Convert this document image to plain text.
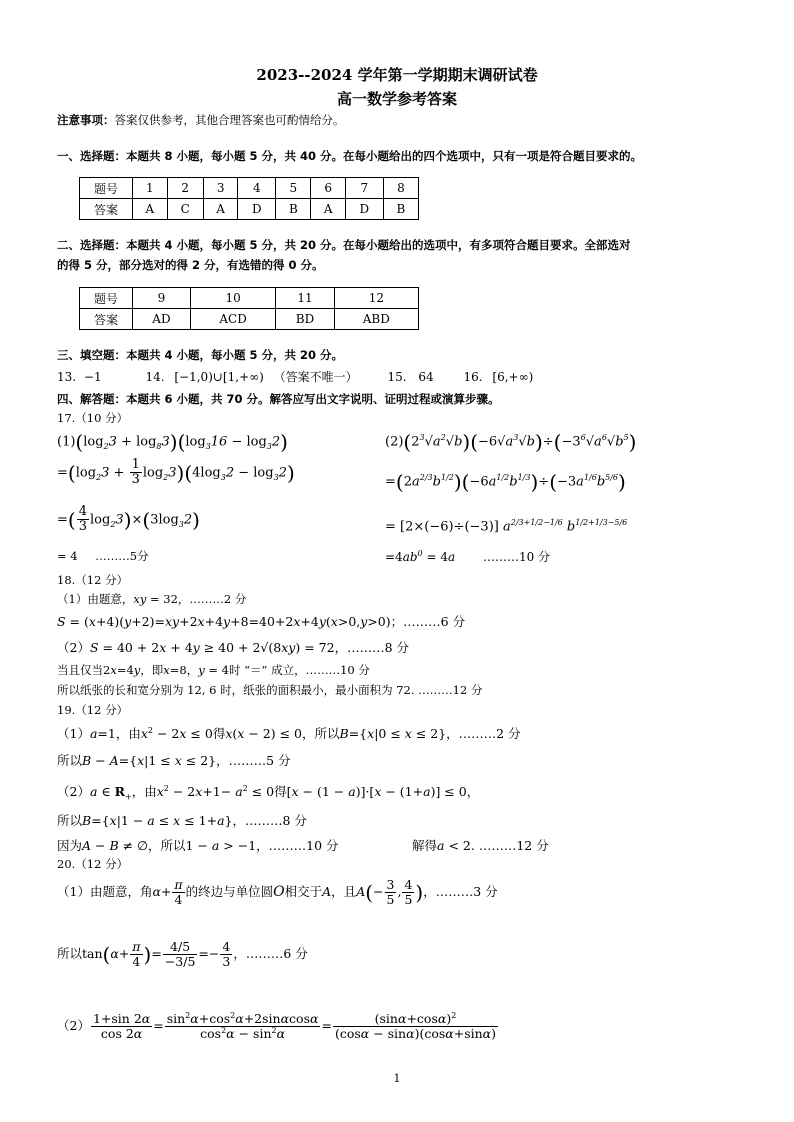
2023--2024 学年第一学期期末调研试卷
高一数学参考答案
注意事项：答案仅供参考，其他合理答案也可酌情给分。
一、选择题：本题共 8 小题，每小题 5 分，共 40 分。在每小题给出的四个选项中，只有一项是符合题目要求的。
题号	1	2	3	4	5	6	7	8
答案	A	C	A	D	B	A	D	B
二、选择题：本题共 4 小题，每小题 5 分，共 20 分。在每小题给出的选项中，有多项符合题目要求。全部选对
的得 5 分，部分选对的得 2 分，有选错的得 0 分。
题号	9	10	11	12
答案	AD	ACD	BD	ABD
三、填空题：本题共 4 小题，每小题 5 分，共 20 分。
13. −1	14. [−1,0)∪[1,+∞) （答案不唯一） 15. 64 16. [6,+∞)
四、解答题：本题共 6 小题，共 70 分。解答应写出文字说明、证明过程或演算步骤。
17.（10 分）
$(1)(\log_23 + \log_83)(\log_316 - \log_32)$
$=(\log_23 + \frac{1}{3} \log_23)(4\log_32 - \log_32)$
=( $\frac{4}{3} \log_23)\times(3\log_32)$
= 4 ………5分
$(2)(2^3√a^2√b)(-6√a^3√b)\div(-3^6√a^6√b^5)$
$=(2a^{2/3}b^{1/2})(-6a^{1/2}b^{1/3})\div(-3a^{1/6}b^{5/6})$
= [2×(−6)÷(−3)] $a^{2/3+1/2-1/6}$ $b^{1/2+1/3-5/6}$
$=4ab^0 = 4a$ ………10 分
18.（12 分）
（1）由题意，xy = 32，………2 分
S = (x+4)(y+2)=xy+2x+4y+8=40+2x+4y(x>0,y>0)；………6 分
（2）S = 40 + 2x + 4y ≥ 40 + 2√(8xy) = 72，………8 分
当且仅当2x=4y，即x=8，y = 4时 “＝” 成立，………10 分
所以纸张的长和宽分别为 12, 6 时，纸张的面积最小，最小面积为 72. ………12 分
19.（12 分）
（1）a=1，由$x^2 - 2x \le 0$得x(x − 2) ≤ 0，所以B={x|0 ≤ x ≤ 2}，………2 分
所以B − A={x|1 ≤ x ≤ 2}，………5 分
（2）a ∈ $R_+$，由$x^2 - 2x+1- a^2 \le 0$得[x − (1 − a)]·[x − (1+a)] ≤ 0，
所以B={x|1 − a ≤ x ≤ 1+a}，………8 分
因为A − B ≠ ∅，所以1 − a > −1，………10 分	解得a < 2. ………12 分
20.（12 分）
（1）由题意，角$\alpha+ \frac{\pi}{4}$ 的终边与单位圆O相交于A，且$A(- \frac{3}{5}$ , $\frac{4}{5}$ )，………3 分
所以$\tan(\alpha+ \frac{\pi}{4}$ )= $\frac{4/5}{-3/5} =- \frac{4}{3}$ ，………6 分
$(2) \frac{1+\sin 2\alpha}{\cos 2\alpha} = \frac{\sin^2\alpha+\cos^2\alpha+2\sin\alpha\cos\alpha}{\cos^2\alpha - \sin^2\alpha} = \frac{(\sin\alpha+\cos\alpha)^2}{(\cos\alpha - \sin\alpha)(\cos\alpha+\sin\alpha)}$
1
